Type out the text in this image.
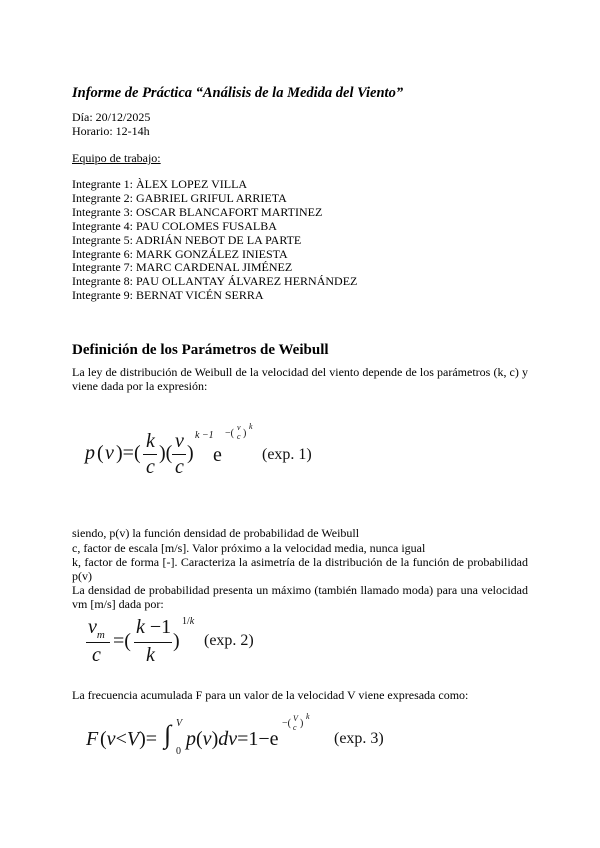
Informe de Práctica “Análisis de la Medida del Viento”
Día: 20/12/2025
Horario: 12-14h
Equipo de trabajo:
Integrante 1: ÀLEX LOPEZ VILLA
Integrante 2: GABRIEL GRIFUL ARRIETA
Integrante 3: OSCAR BLANCAFORT MARTINEZ
Integrante 4: PAU COLOMES FUSALBA
Integrante 5: ADRIÁN NEBOT DE LA PARTE
Integrante 6: MARK GONZÁLEZ INIESTA
Integrante 7: MARC CARDENAL JIMÉNEZ
Integrante 8: PAU OLLANTAY ÁLVAREZ HERNÁNDEZ
Integrante 9: BERNAT VICÉN SERRA
Definición de los Parámetros de Weibull
La ley de distribución de Weibull de la velocidad del viento depende de los parámetros (k, c) y viene dada por la expresión:
p ( v )=(
k
c
)(
v
c
)
k −1
e
−(
v
c )
k
(exp. 1)
siendo, p(v) la función densidad de probabilidad de Weibull
c, factor de escala [m/s]. Valor próximo a la velocidad media, nunca igual
k, factor de forma [-]. Caracteriza la asimetría de la distribución de la función de probabilidad p(v)
La densidad de probabilidad presenta un máximo (también llamado moda) para una velocidad vm [m/s] dada por:
$v_m$
c
=(
k −1
k
)
1/k
(exp. 2)
La frecuencia acumulada F para un valor de la velocidad V viene expresada como:
F (v<V)= ∫ V
0
p(v)dv=1−e
−( V
c )
k
(exp. 3)
